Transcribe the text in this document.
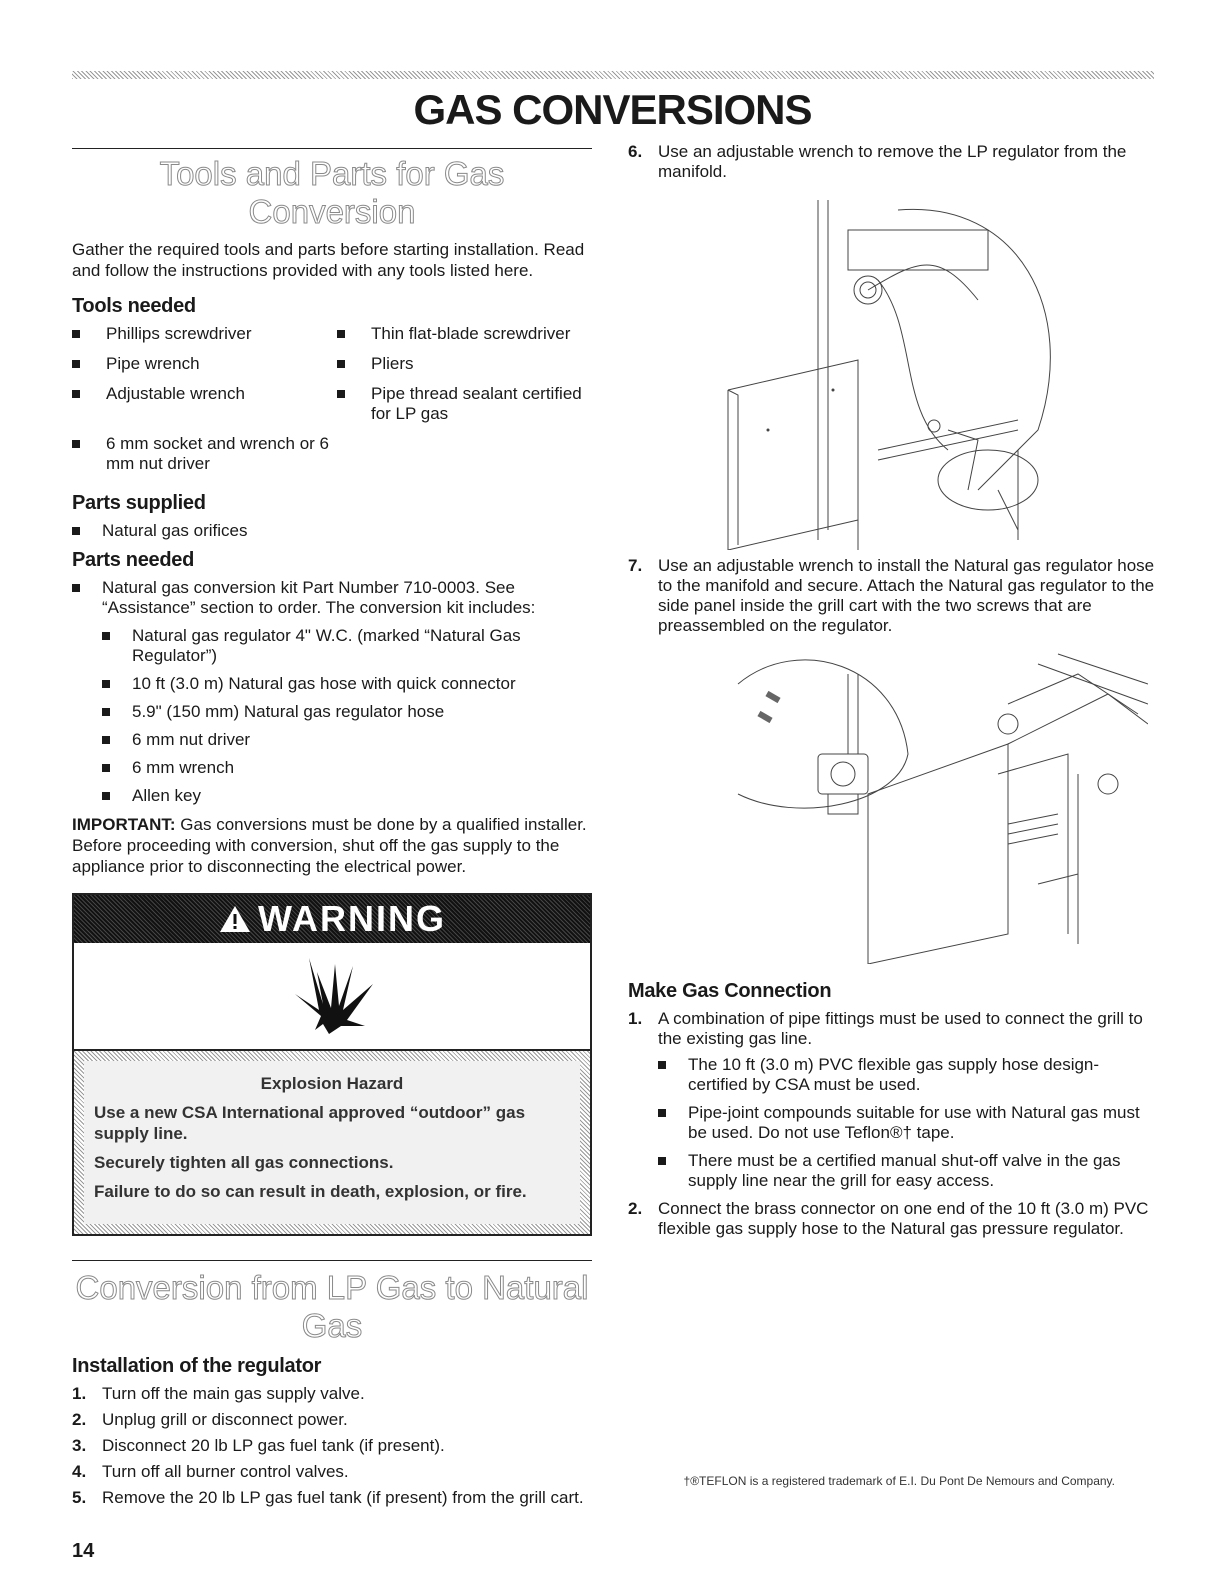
GAS CONVERSIONS
Tools and Parts for Gas Conversion

Gather the required tools and parts before starting installation. Read and follow the instructions provided with any tools listed here.

Tools needed
Phillips screwdriver	Thin flat-blade screwdriver
Pipe wrench	Pliers
Adjustable wrench	Pipe thread sealant certified for LP gas
6 mm socket and wrench or 6 mm nut driver
Parts supplied
Natural gas orifices
Parts needed
Natural gas conversion kit Part Number 710-0003. See “Assistance” section to order. The conversion kit includes:
Natural gas regulator 4" W.C. (marked “Natural Gas Regulator”)
10 ft (3.0 m) Natural gas hose with quick connector
5.9" (150 mm) Natural gas regulator hose
6 mm nut driver
6 mm wrench
Allen key

IMPORTANT: Gas conversions must be done by a qualified installer. Before proceeding with conversion, shut off the gas supply to the appliance prior to disconnecting the electrical power.

WARNING

Explosion Hazard

Use a new CSA International approved “outdoor” gas supply line.

Securely tighten all gas connections.

Failure to do so can result in death, explosion, or fire.

Conversion from LP Gas to Natural Gas
Installation of the regulator
1. Turn off the main gas supply valve.
2. Unplug grill or disconnect power.
3. Disconnect 20 lb LP gas fuel tank (if present).
4. Turn off all burner control valves.
5. Remove the 20 lb LP gas fuel tank (if present) from the grill cart.
6. Use an adjustable wrench to remove the LP regulator from the manifold.
7. Use an adjustable wrench to install the Natural gas regulator hose to the manifold and secure. Attach the Natural gas regulator to the side panel inside the grill cart with the two screws that are preassembled on the regulator.
Make Gas Connection
1. A combination of pipe fittings must be used to connect the grill to the existing gas line.
The 10 ft (3.0 m) PVC flexible gas supply hose design-certified by CSA must be used.
Pipe-joint compounds suitable for use with Natural gas must be used. Do not use Teflon®† tape.
There must be a certified manual shut-off valve in the gas supply line near the grill for easy access.
2. Connect the brass connector on one end of the 10 ft (3.0 m) PVC flexible gas supply hose to the Natural gas pressure regulator.
†®TEFLON is a registered trademark of E.I. Du Pont De Nemours and Company.
14
